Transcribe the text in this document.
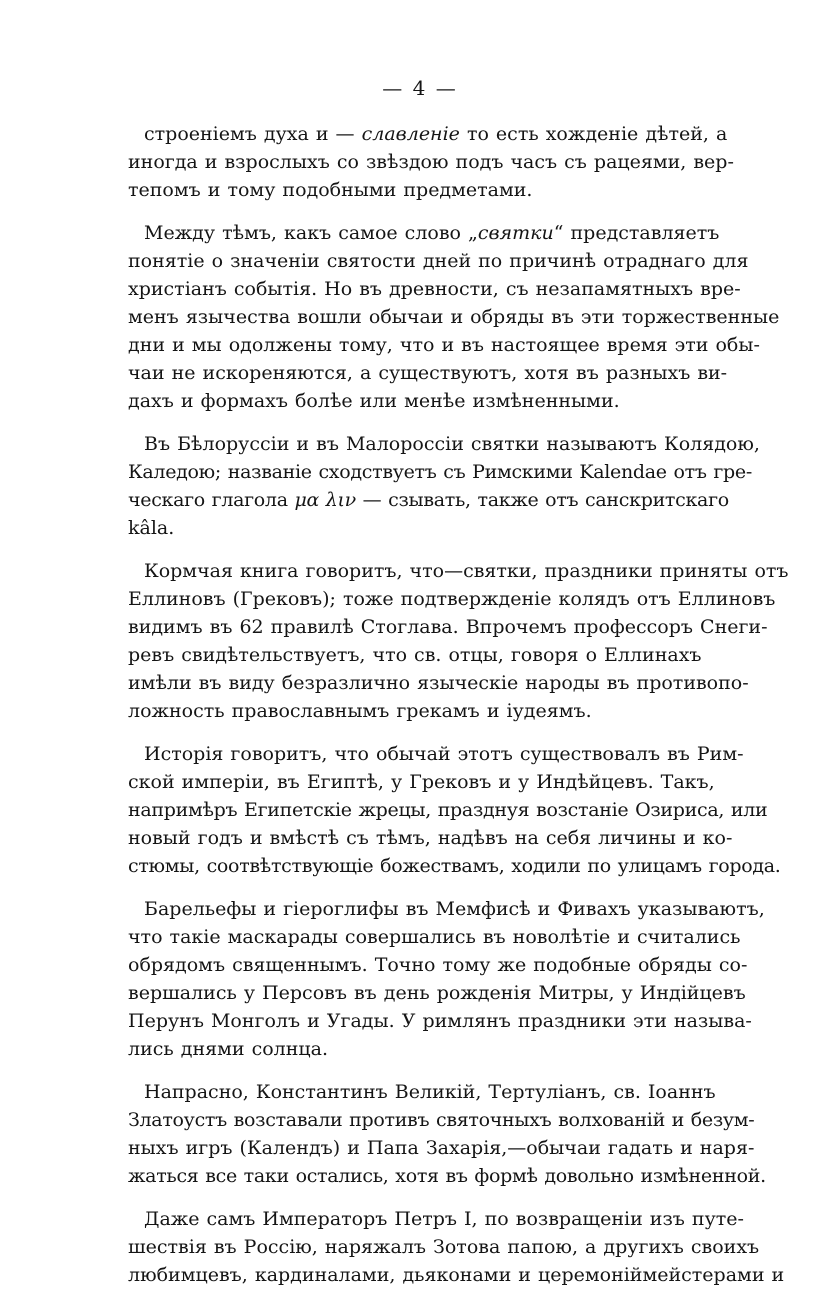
— 4 —
строеніемъ духа и — славленіе то есть хожденіе дѣтей, а
иногда и взрослыхъ со звѣздою подъ часъ съ рацеями, вер-
тепомъ и тому подобными предметами.
Между тѣмъ, какъ самое слово „святки“ представляетъ
понятіе о значеніи святости дней по причинѣ отраднаго для
христіанъ событія. Но въ древности, съ незапамятныхъ вре-
менъ язычества вошли обычаи и обряды въ эти торжественные
дни и мы одолжены тому, что и въ настоящее время эти обы-
чаи не искореняются, а существуютъ, хотя въ разныхъ ви-
дахъ и формахъ болѣе или менѣе измѣненными.
Въ Бѣлоруссіи и въ Малороссіи святки называютъ Колядою,
Каледою; названіе сходствуетъ съ Римскими Kalendae отъ гре-
ческаго глагола μα λιν — сзывать, также отъ санскритскаго
kâla.
Кормчая книга говоритъ, что—святки, праздники приняты отъ
Еллиновъ (Грековъ); тоже подтвержденіе колядъ отъ Еллиновъ
видимъ въ 62 правилѣ Стоглава. Впрочемъ профессоръ Снеги-
ревъ свидѣтельствуетъ, что св. отцы, говоря о Еллинахъ
имѣли въ виду безразлично языческіе народы въ противопо-
ложность православнымъ грекамъ и іудеямъ.
Исторія говоритъ, что обычай этотъ существовалъ въ Рим-
ской имперіи, въ Египтѣ, у Грековъ и у Индѣйцевъ. Такъ,
напримѣръ Египетскіе жрецы, празднуя возстаніе Озириса, или
новый годъ и вмѣстѣ съ тѣмъ, надѣвъ на себя личины и ко-
стюмы, соотвѣтствующіе божествамъ, ходили по улицамъ города.
Барельефы и гіероглифы въ Мемфисѣ и Фивахъ указываютъ,
что такіе маскарады совершались въ новолѣтіе и считались
обрядомъ священнымъ. Точно тому же подобные обряды со-
вершались у Персовъ въ день рожденія Митры, у Индійцевъ
Перунъ Монголъ и Угады. У римлянъ праздники эти называ-
лись днями солнца.
Напрасно, Константинъ Великій, Тертуліанъ, св. Іоаннъ
Златоустъ возставали противъ святочныхъ волхованій и безум-
ныхъ игръ (Календъ) и Папа Захарія,—обычаи гадать и наря-
жаться все таки остались, хотя въ формѣ довольно измѣненной.
Даже самъ Императоръ Петръ I, по возвращеніи изъ путе-
шествія въ Россію, наряжалъ Зотова папою, а другихъ своихъ
любимцевъ, кардиналами, дьяконами и церемоніймейстерами и
